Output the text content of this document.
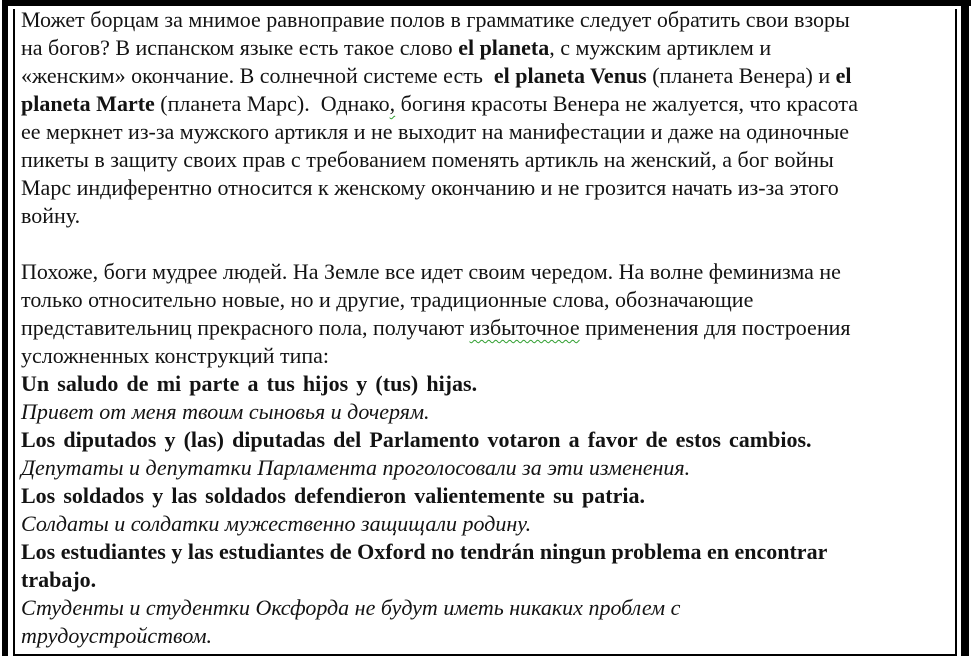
Может борцам за мнимое равноправие полов в грамматике следует обратить свои взоры
на богов? В испанском языке есть такое слово el planeta, с мужским артиклем и
«женским» окончание. В солнечной системе есть  el planeta Venus (планета Венера) и el
planeta Marte (планета Марс).  Однако, богиня красоты Венера не жалуется, что красота
ее меркнет из-за мужского артикля и не выходит на манифестации и даже на одиночные
пикеты в защиту своих прав с требованием поменять артикль на женский, а бог войны
Марс индиферентно относится к женскому окончанию и не грозится начать из-за этого
войну.
Похоже, боги мудрее людей. На Земле все идет своим чередом. На волне феминизма не
только относительно новые, но и другие, традиционные слова, обозначающие
представительниц прекрасного пола, получают избыточное применения для построения
усложненных конструкций типа:
Un saludo de mi parte a tus hijos y (tus) hijas.
Привет от меня твоим сыновья и дочерям.
Los diputados y (las) diputadas del Parlamento votaron a favor de estos cambios.
Депутаты и депутатки Парламента проголосовали за эти изменения.
Los soldados y las soldados defendieron valientemente su patria.
Солдаты и солдатки мужественно защищали родину.
Los estudiantes y las estudiantes de Oxford no tendrán ningun problema en encontrar
trabajo.
Студенты и студентки Оксфорда не будут иметь никаких проблем с
трудоустройством.
